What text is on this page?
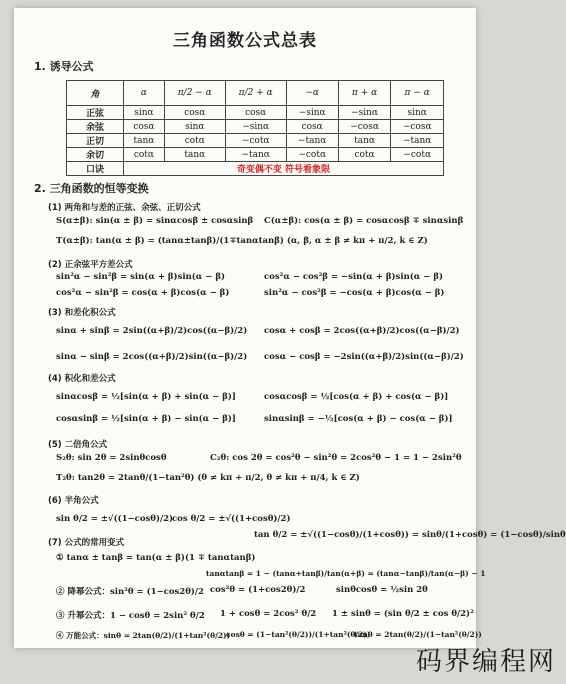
三角函数公式总表
1. 诱导公式
角	α	π/2 − α	π/2 + α	−α	π + α	π − α
正弦	sinα	cosα	cosα	−sinα	−sinα	sinα
余弦	cosα	sinα	−sinα	cosα	−cosα	−cosα
正切	tanα	cotα	−cotα	−tanα	tanα	−tanα
余切	cotα	tanα	−tanα	−cotα	cotα	−cotα
口诀	奇变偶不变 符号看象限					
2. 三角函数的恒等变换
(1) 两角和与差的正弦、余弦、正切公式
S(α±β): sin(α ± β) = sinαcosβ ± cosαsinβ C(α±β): cos(α ± β) = cosαcosβ ∓ sinαsinβ
T(α±β): tan(α ± β) = (tanα±tanβ)/(1∓tanαtanβ) (α, β, α ± β ≠ kπ + π/2, k ∈ Z)
(2) 正余弦平方差公式
sin²α − sin²β = sin(α + β)sin(α − β)	cos²α − cos²β = −sin(α + β)sin(α − β)
cos²α − sin²β = cos(α + β)cos(α − β)	sin²α − cos²β = −cos(α + β)cos(α − β)
(3) 和差化积公式
sinα + sinβ = 2sin((α+β)/2)cos((α−β)/2) cosα + cosβ = 2cos((α+β)/2)cos((α−β)/2)
sinα − sinβ = 2cos((α+β)/2)sin((α−β)/2) cosα − cosβ = −2sin((α+β)/2)sin((α−β)/2)
(4) 积化和差公式
sinαcosβ = ½[sin(α + β) + sin(α − β)]	cosαcosβ = ½[cos(α + β) + cos(α − β)]
cosαsinβ = ½[sin(α + β) − sin(α − β)]	sinαsinβ = −½[cos(α + β) − cos(α − β)]
(5) 二倍角公式
S₂θ: sin 2θ = 2sinθcosθ	C₂θ: cos 2θ = cos²θ − sin²θ = 2cos²θ − 1 = 1 − 2sin²θ
T₂θ: tan2θ = 2tanθ/(1−tan²θ) (θ ≠ kπ + π/2, θ ≠ kπ + π/4, k ∈ Z)
(6) 半角公式
sin θ/2 = ±√((1−cosθ)/2)
cos θ/2 = ±√((1+cosθ)/2)
tan θ/2 = ±√((1−cosθ)/(1+cosθ)) = sinθ/(1+cosθ) = (1−cosθ)/sinθ
(7) 公式的常用变式
① tanα ± tanβ = tan(α ± β)(1 ∓ tanαtanβ)
tanαtanβ = 1 − (tanα+tanβ)/tan(α+β) = (tanα−tanβ)/tan(α−β) − 1
② 降幂公式：sin²θ = (1−cos2θ)/2 cos²θ = (1+cos2θ)/2	sinθcosθ = ½sin 2θ
③ 升幂公式：1 − cosθ = 2sin² θ/2 1 + cosθ = 2cos² θ/2 1 ± sinθ = (sin θ/2 ± cos θ/2)²
④ 万能公式：sinθ = 2tan(θ/2)/(1+tan²(θ/2))
cosθ = (1−tan²(θ/2))/(1+tan²(θ/2))
tanθ = 2tan(θ/2)/(1−tan²(θ/2))
码界编程网
